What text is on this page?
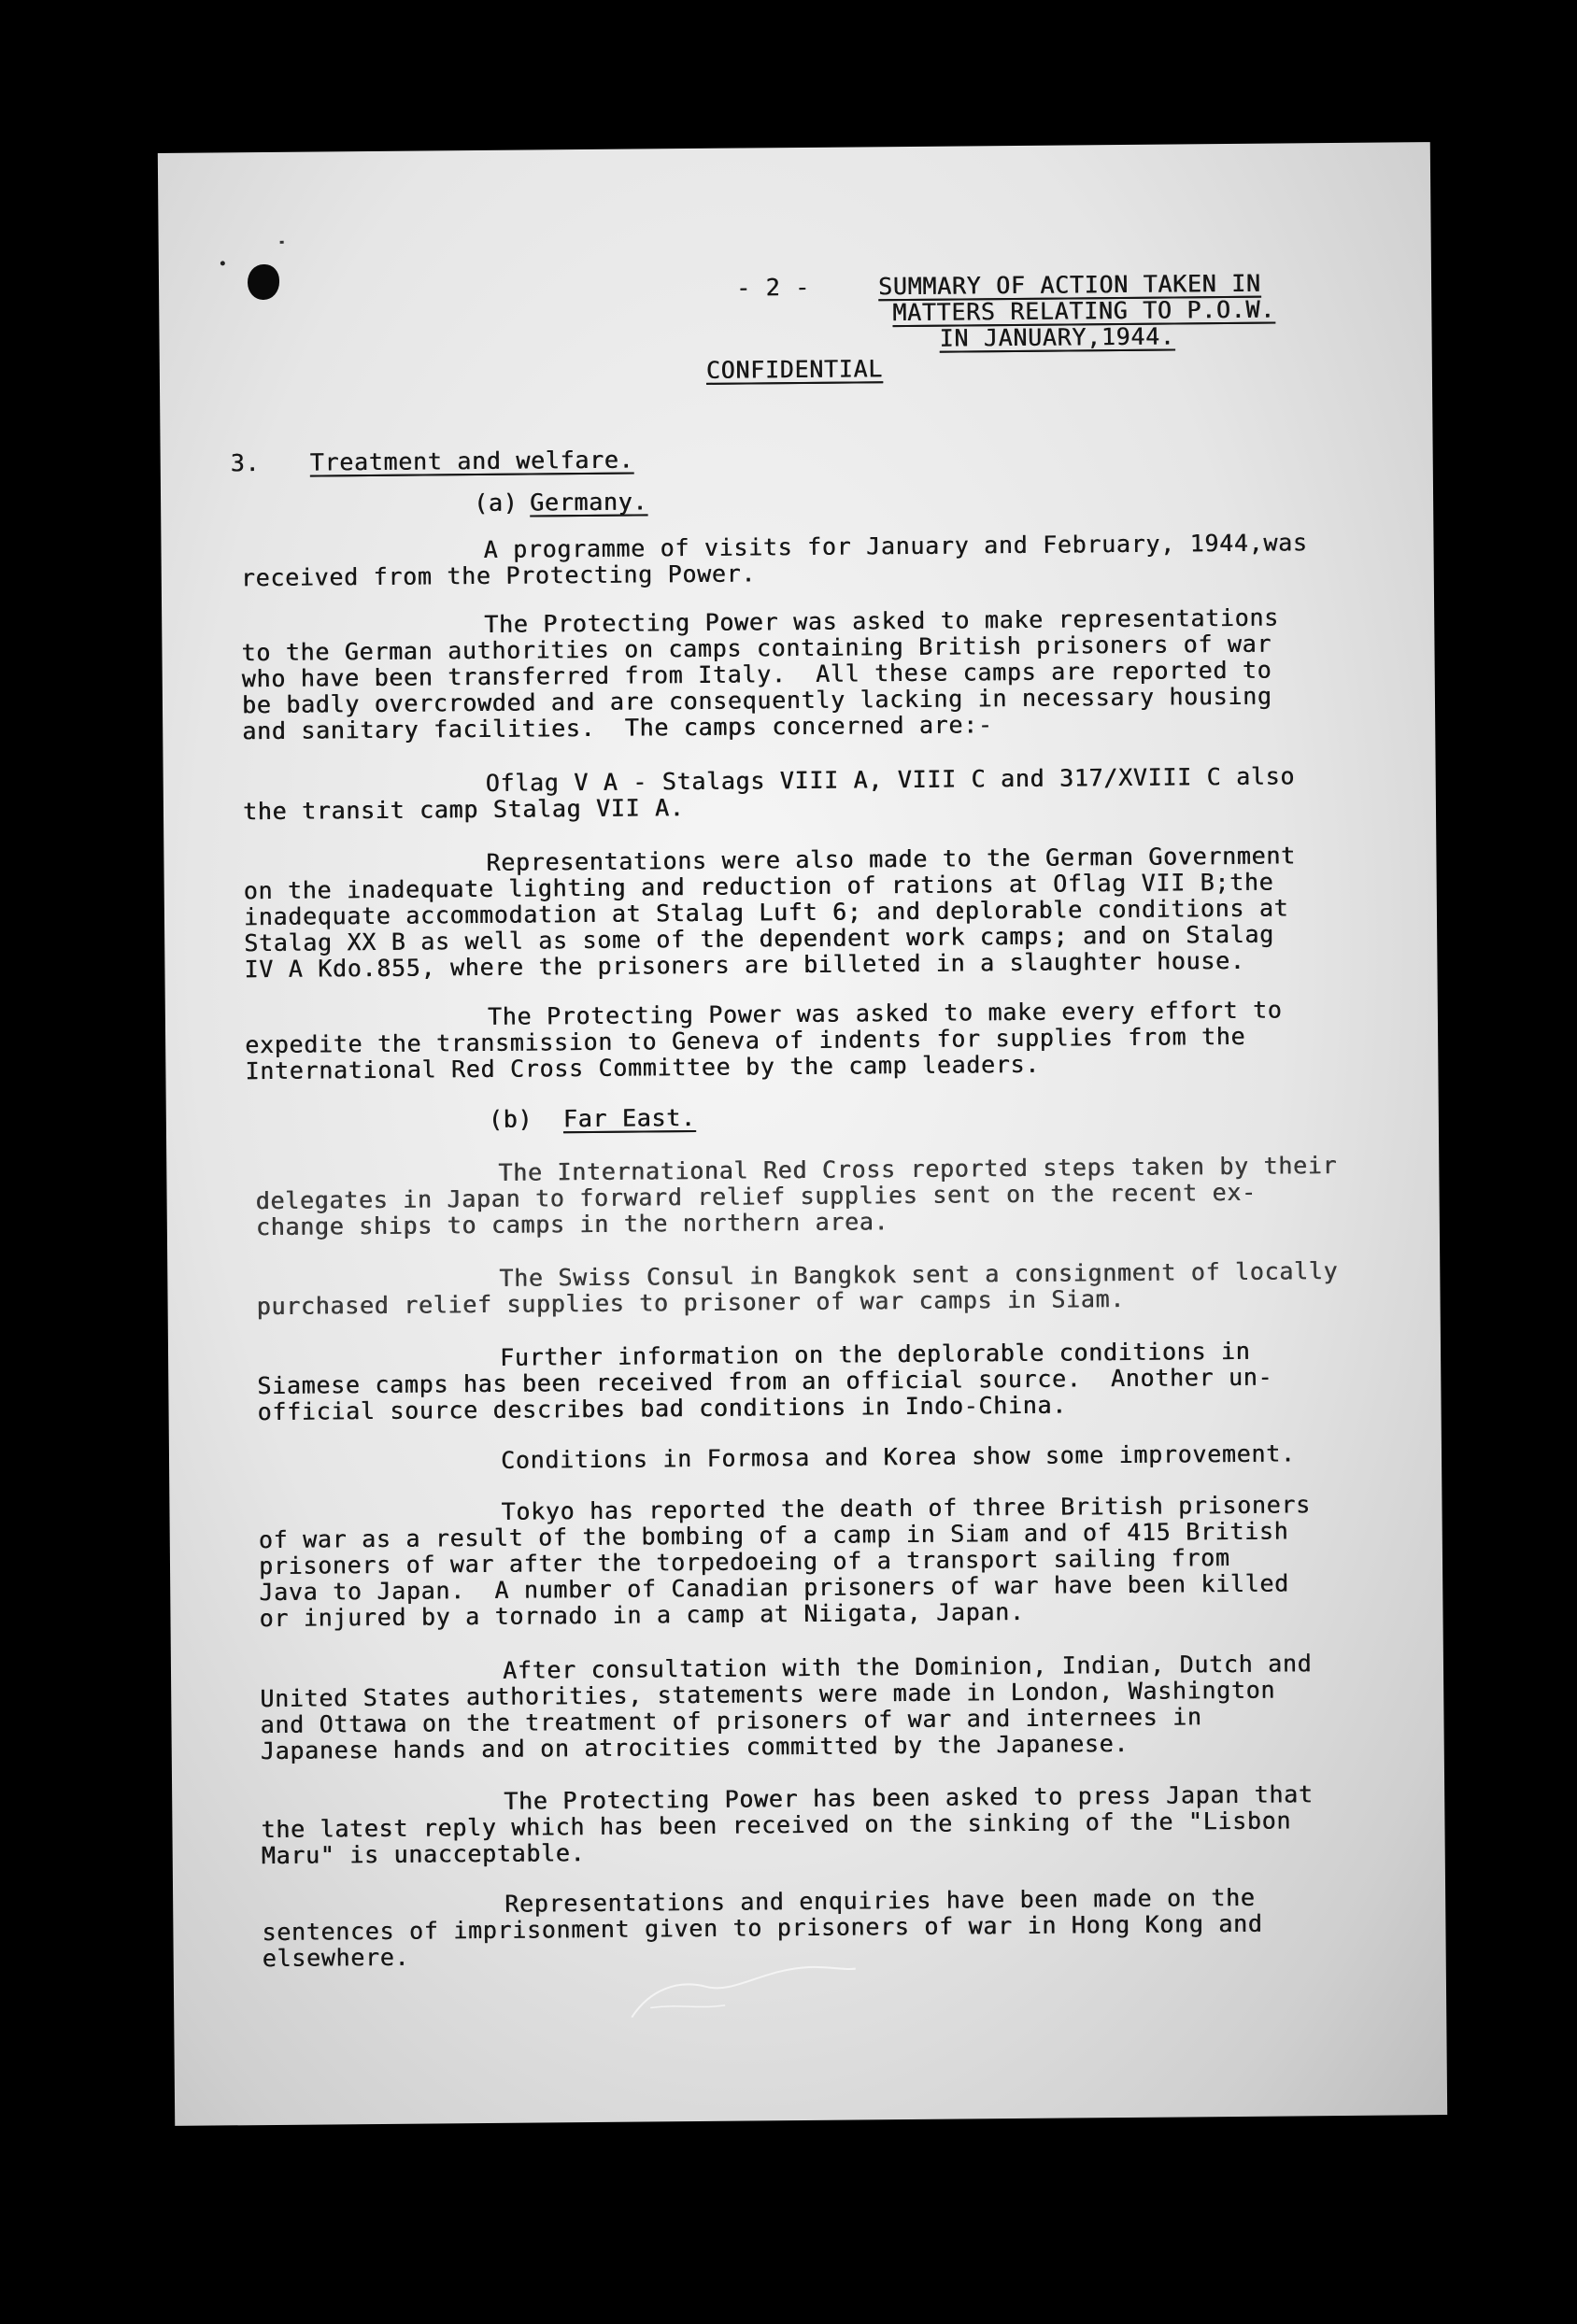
- 2 -	SUMMARY OF ACTION TAKEN IN
MATTERS RELATING TO P.O.W.
IN JANUARY,1944.
CONFIDENTIAL
3. Treatment and welfare.
(a) Germany.
A programme of visits for January and February, 1944,was
received from the Protecting Power.
The Protecting Power was asked to make representations
to the German authorities on camps containing British prisoners of war
who have been transferred from Italy.  All these camps are reported to
be badly overcrowded and are consequently lacking in necessary housing
and sanitary facilities.  The camps concerned are:-
Oflag V A - Stalags VIII A, VIII C and 317/XVIII C also
the transit camp Stalag VII A.
Representations were also made to the German Government
on the inadequate lighting and reduction of rations at Oflag VII B;the
inadequate accommodation at Stalag Luft 6; and deplorable conditions at
Stalag XX B as well as some of the dependent work camps; and on Stalag
IV A Kdo.855, where the prisoners are billeted in a slaughter house.
The Protecting Power was asked to make every effort to
expedite the transmission to Geneva of indents for supplies from the
International Red Cross Committee by the camp leaders.
(b) Far East.
The International Red Cross reported steps taken by their
delegates in Japan to forward relief supplies sent on the recent ex-
change ships to camps in the northern area.
The Swiss Consul in Bangkok sent a consignment of locally
purchased relief supplies to prisoner of war camps in Siam.
Further information on the deplorable conditions in
Siamese camps has been received from an official source.  Another un-
official source describes bad conditions in Indo-China.
Conditions in Formosa and Korea show some improvement.
Tokyo has reported the death of three British prisoners
of war as a result of the bombing of a camp in Siam and of 415 British
prisoners of war after the torpedoeing of a transport sailing from
Java to Japan.  A number of Canadian prisoners of war have been killed
or injured by a tornado in a camp at Niigata, Japan.
After consultation with the Dominion, Indian, Dutch and
United States authorities, statements were made in London, Washington
and Ottawa on the treatment of prisoners of war and internees in
Japanese hands and on atrocities committed by the Japanese.
The Protecting Power has been asked to press Japan that
the latest reply which has been received on the sinking of the "Lisbon
Maru" is unacceptable.
Representations and enquiries have been made on the
sentences of imprisonment given to prisoners of war in Hong Kong and
elsewhere.
